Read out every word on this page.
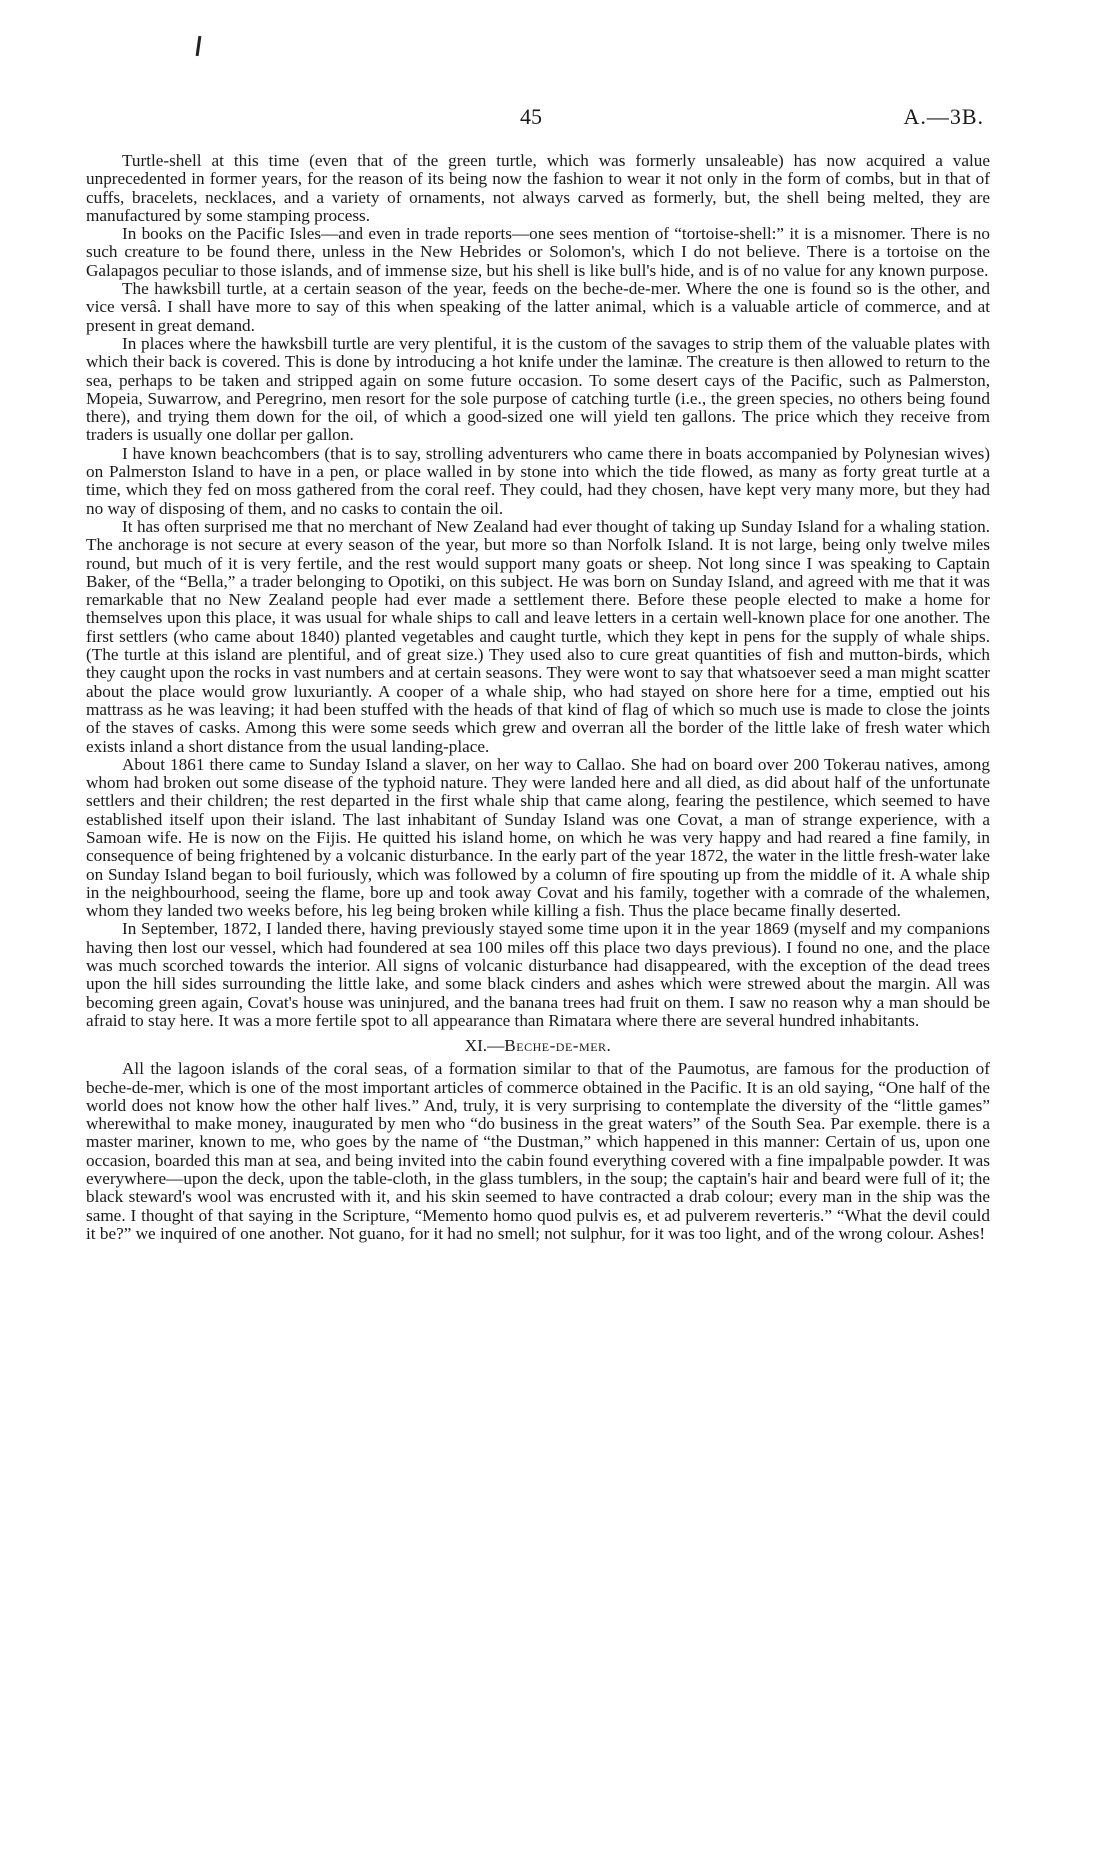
45	A.—3B.

Turtle-shell at this time (even that of the green turtle, which was formerly unsaleable) has now acquired a value unprecedented in former years, for the reason of its being now the fashion to wear it not only in the form of combs, but in that of cuffs, bracelets, necklaces, and a variety of ornaments, not always carved as formerly, but, the shell being melted, they are manufactured by some stamping process.

In books on the Pacific Isles—and even in trade reports—one sees mention of “tortoise-shell:” it is a misnomer. There is no such creature to be found there, unless in the New Hebrides or Solomon's, which I do not believe. There is a tortoise on the Galapagos peculiar to those islands, and of immense size, but his shell is like bull's hide, and is of no value for any known purpose.

The hawksbill turtle, at a certain season of the year, feeds on the beche-de-mer. Where the one is found so is the other, and vice versâ. I shall have more to say of this when speaking of the latter animal, which is a valuable article of commerce, and at present in great demand.

In places where the hawksbill turtle are very plentiful, it is the custom of the savages to strip them of the valuable plates with which their back is covered. This is done by introducing a hot knife under the laminæ. The creature is then allowed to return to the sea, perhaps to be taken and stripped again on some future occasion. To some desert cays of the Pacific, such as Palmerston, Mopeia, Suwarrow, and Peregrino, men resort for the sole purpose of catching turtle (i.e., the green species, no others being found there), and trying them down for the oil, of which a good-sized one will yield ten gallons. The price which they receive from traders is usually one dollar per gallon.

I have known beachcombers (that is to say, strolling adventurers who came there in boats accompanied by Polynesian wives) on Palmerston Island to have in a pen, or place walled in by stone into which the tide flowed, as many as forty great turtle at a time, which they fed on moss gathered from the coral reef. They could, had they chosen, have kept very many more, but they had no way of disposing of them, and no casks to contain the oil.

It has often surprised me that no merchant of New Zealand had ever thought of taking up Sunday Island for a whaling station. The anchorage is not secure at every season of the year, but more so than Norfolk Island. It is not large, being only twelve miles round, but much of it is very fertile, and the rest would support many goats or sheep. Not long since I was speaking to Captain Baker, of the “Bella,” a trader belonging to Opotiki, on this subject. He was born on Sunday Island, and agreed with me that it was remarkable that no New Zealand people had ever made a settlement there. Before these people elected to make a home for themselves upon this place, it was usual for whale ships to call and leave letters in a certain well-known place for one another. The first settlers (who came about 1840) planted vegetables and caught turtle, which they kept in pens for the supply of whale ships. (The turtle at this island are plentiful, and of great size.) They used also to cure great quantities of fish and mutton-birds, which they caught upon the rocks in vast numbers and at certain seasons. They were wont to say that whatsoever seed a man might scatter about the place would grow luxuriantly. A cooper of a whale ship, who had stayed on shore here for a time, emptied out his mattrass as he was leaving; it had been stuffed with the heads of that kind of flag of which so much use is made to close the joints of the staves of casks. Among this were some seeds which grew and overran all the border of the little lake of fresh water which exists inland a short distance from the usual landing-place.

About 1861 there came to Sunday Island a slaver, on her way to Callao. She had on board over 200 Tokerau natives, among whom had broken out some disease of the typhoid nature. They were landed here and all died, as did about half of the unfortunate settlers and their children; the rest departed in the first whale ship that came along, fearing the pestilence, which seemed to have established itself upon their island. The last inhabitant of Sunday Island was one Covat, a man of strange experience, with a Samoan wife. He is now on the Fijis. He quitted his island home, on which he was very happy and had reared a fine family, in consequence of being frightened by a volcanic disturbance. In the early part of the year 1872, the water in the little fresh-water lake on Sunday Island began to boil furiously, which was followed by a column of fire spouting up from the middle of it. A whale ship in the neighbourhood, seeing the flame, bore up and took away Covat and his family, together with a comrade of the whalemen, whom they landed two weeks before, his leg being broken while killing a fish. Thus the place became finally deserted.

In September, 1872, I landed there, having previously stayed some time upon it in the year 1869 (myself and my companions having then lost our vessel, which had foundered at sea 100 miles off this place two days previous). I found no one, and the place was much scorched towards the interior. All signs of volcanic disturbance had disappeared, with the exception of the dead trees upon the hill sides surrounding the little lake, and some black cinders and ashes which were strewed about the margin. All was becoming green again, Covat's house was uninjured, and the banana trees had fruit on them. I saw no reason why a man should be afraid to stay here. It was a more fertile spot to all appearance than Rimatara where there are several hundred inhabitants.

XI.—Beche-de-mer.

All the lagoon islands of the coral seas, of a formation similar to that of the Paumotus, are famous for the production of beche-de-mer, which is one of the most important articles of commerce obtained in the Pacific. It is an old saying, “One half of the world does not know how the other half lives.” And, truly, it is very surprising to contemplate the diversity of the “little games” wherewithal to make money, inaugurated by men who “do business in the great waters” of the South Sea. Par exemple. there is a master mariner, known to me, who goes by the name of “the Dustman,” which happened in this manner: Certain of us, upon one occasion, boarded this man at sea, and being invited into the cabin found everything covered with a fine impalpable powder. It was everywhere—upon the deck, upon the table-cloth, in the glass tumblers, in the soup; the captain's hair and beard were full of it; the black steward's wool was encrusted with it, and his skin seemed to have contracted a drab colour; every man in the ship was the same. I thought of that saying in the Scripture, “Memento homo quod pulvis es, et ad pulverem reverteris.” “What the devil could it be?” we inquired of one another. Not guano, for it had no smell; not sulphur, for it was too light, and of the wrong colour. Ashes!
